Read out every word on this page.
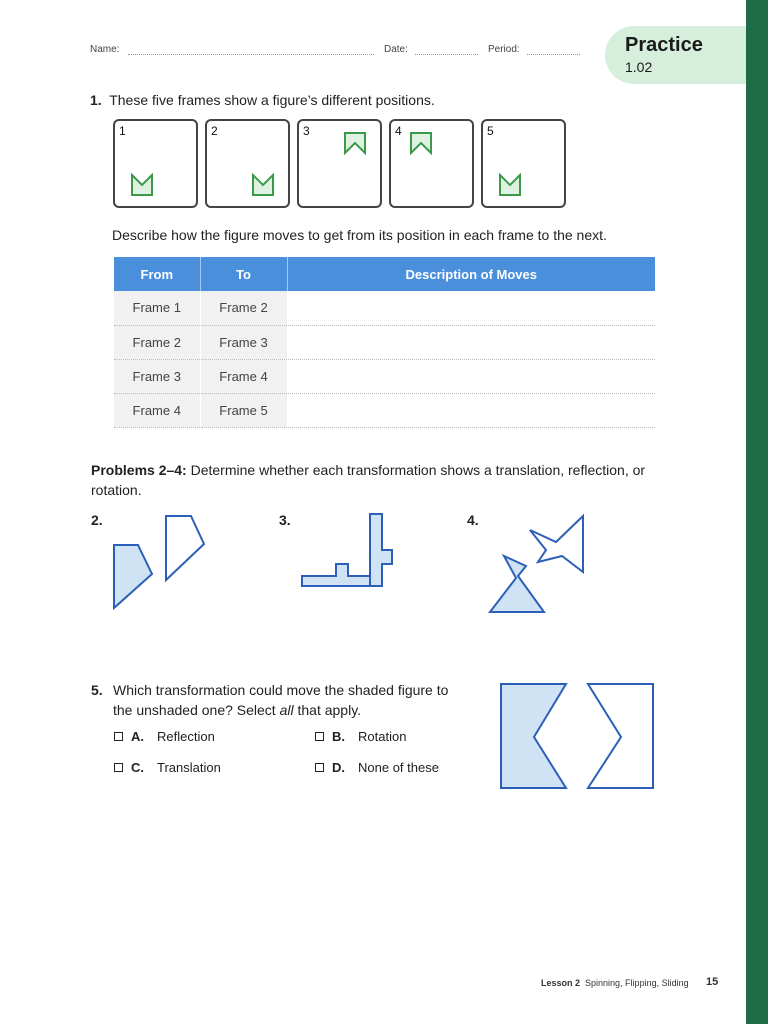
Name:	Date:	Period:	Practice
1.02
1. These five frames show a figure’s different positions.
1	2	3	4	5
Describe how the figure moves to get from its position in each frame to the next.
From	To	Description of Moves
Frame 1	Frame 2	
Frame 2	Frame 3	
Frame 3	Frame 4	
Frame 4	Frame 5	
Problems 2–4: Determine whether each transformation shows a translation, reflection, or rotation.
2.	3.	4.
5. Which transformation could move the shaded figure to
the unshaded one? Select all that apply.
A. Reflection	B. Rotation
C. Translation	D. None of these
Lesson 2 Spinning, Flipping, Sliding 15
